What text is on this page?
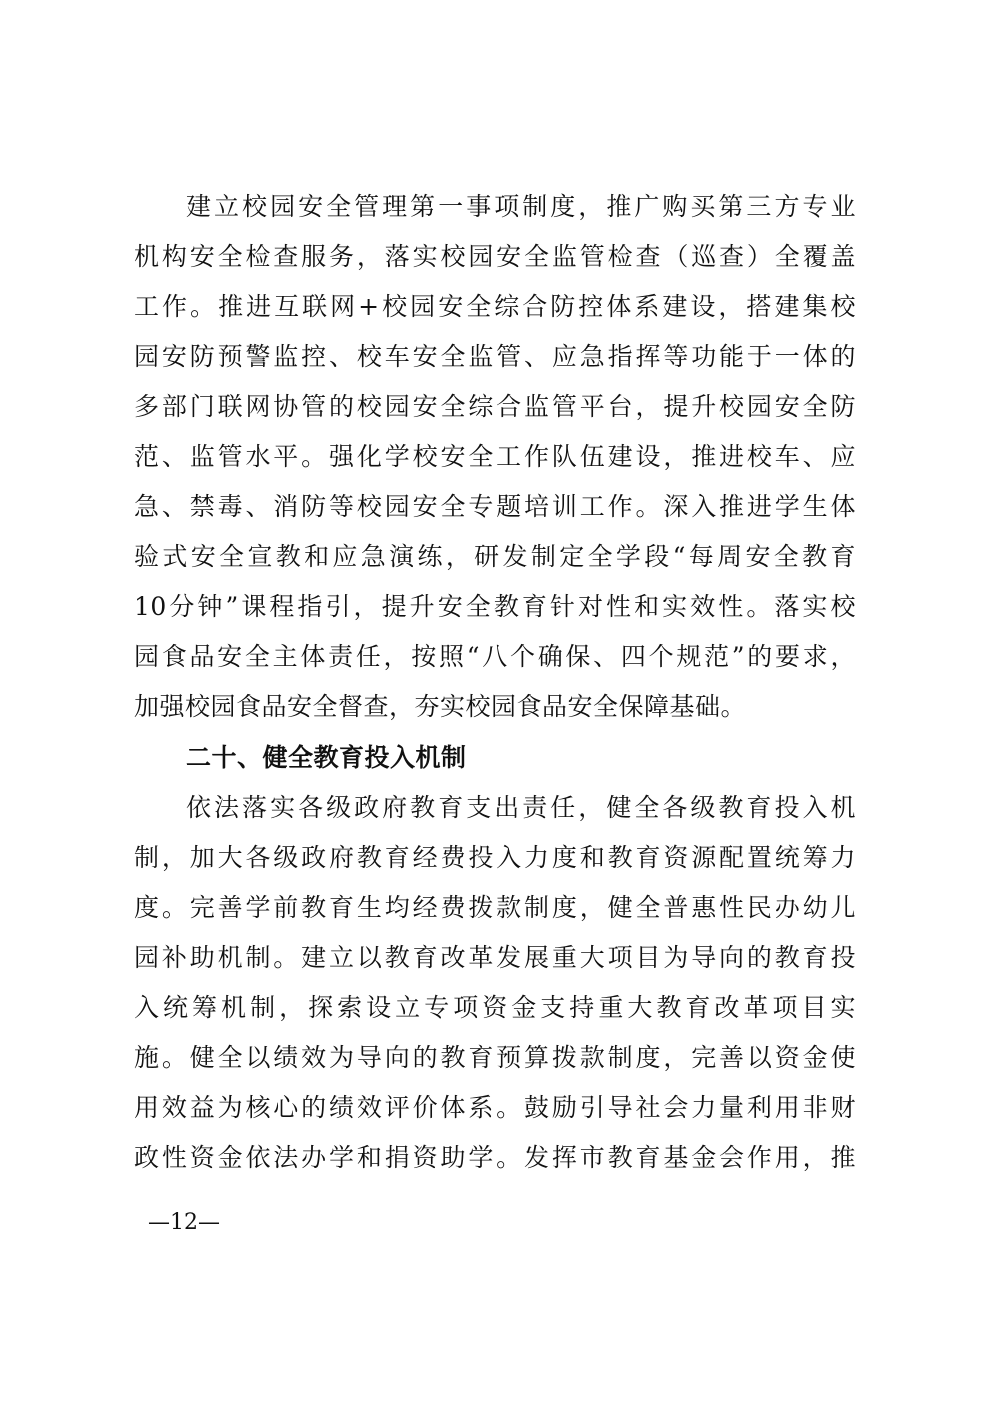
建立校园安全管理第一事项制度，推广购买第三方专业
机构安全检查服务，落实校园安全监管检查（巡查）全覆盖
工作。推进互联网+校园安全综合防控体系建设，搭建集校
园安防预警监控、校车安全监管、应急指挥等功能于一体的
多部门联网协管的校园安全综合监管平台，提升校园安全防
范、监管水平。强化学校安全工作队伍建设，推进校车、应
急、禁毒、消防等校园安全专题培训工作。深入推进学生体
验式安全宣教和应急演练，研发制定全学段“每周安全教育
10分钟”课程指引，提升安全教育针对性和实效性。落实校
园食品安全主体责任，按照“八个确保、四个规范”的要求，
加强校园食品安全督查，夯实校园食品安全保障基础。
二十、健全教育投入机制
依法落实各级政府教育支出责任，健全各级教育投入机
制，加大各级政府教育经费投入力度和教育资源配置统筹力
度。完善学前教育生均经费拨款制度，健全普惠性民办幼儿
园补助机制。建立以教育改革发展重大项目为导向的教育投
入统筹机制，探索设立专项资金支持重大教育改革项目实
施。健全以绩效为导向的教育预算拨款制度，完善以资金使
用效益为核心的绩效评价体系。鼓励引导社会力量利用非财
政性资金依法办学和捐资助学。发挥市教育基金会作用，推
—12—
